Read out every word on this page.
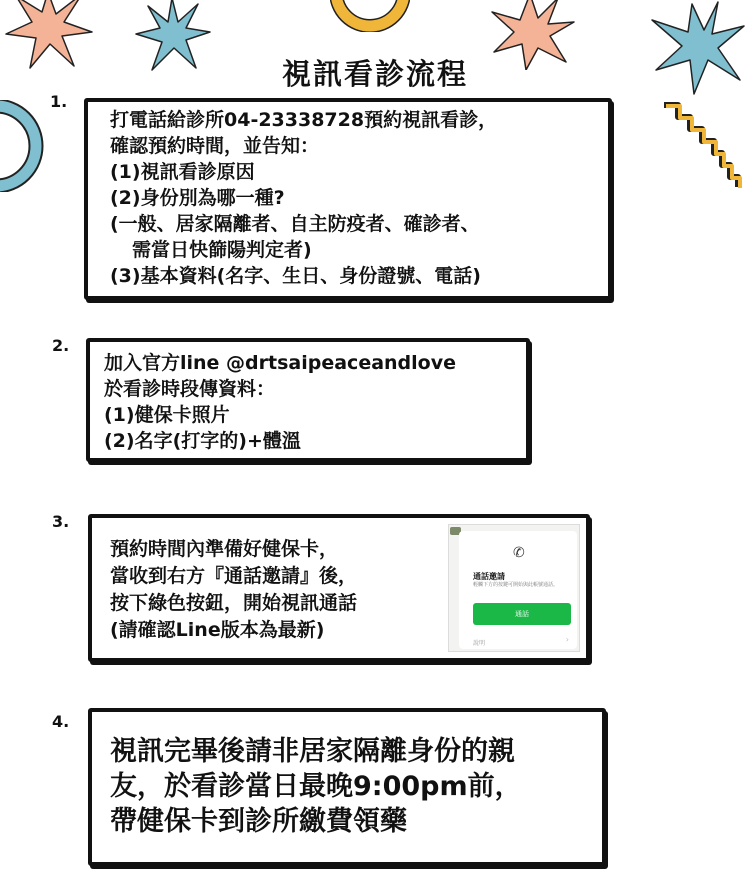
視訊看診流程
1.
打電話給診所04-23338728預約視訊看診，
確認預約時間，並告知：
(1)視訊看診原因
(2)身份別為哪一種?
(一般、居家隔離者、自主防疫者、確診者、
需當日快篩陽判定者)
(3)基本資料(名字、生日、身份證號、電話)
2.
加入官方line @drtsaipeaceandlove
於看診時段傳資料：
(1)健保卡照片
(2)名字(打字的)+體溫
3.
預約時間內準備好健保卡，
當收到右方『通話邀請』後，
按下綠色按鈕，開始視訊通話
(請確認Line版本為最新)
✆
通話邀請
輕觸下方的按鍵可開始與此帳號通話。
通話
說明	›
4.
視訊完畢後請非居家隔離身份的親
友，於看診當日最晚9:00pm前，
帶健保卡到診所繳費領藥
